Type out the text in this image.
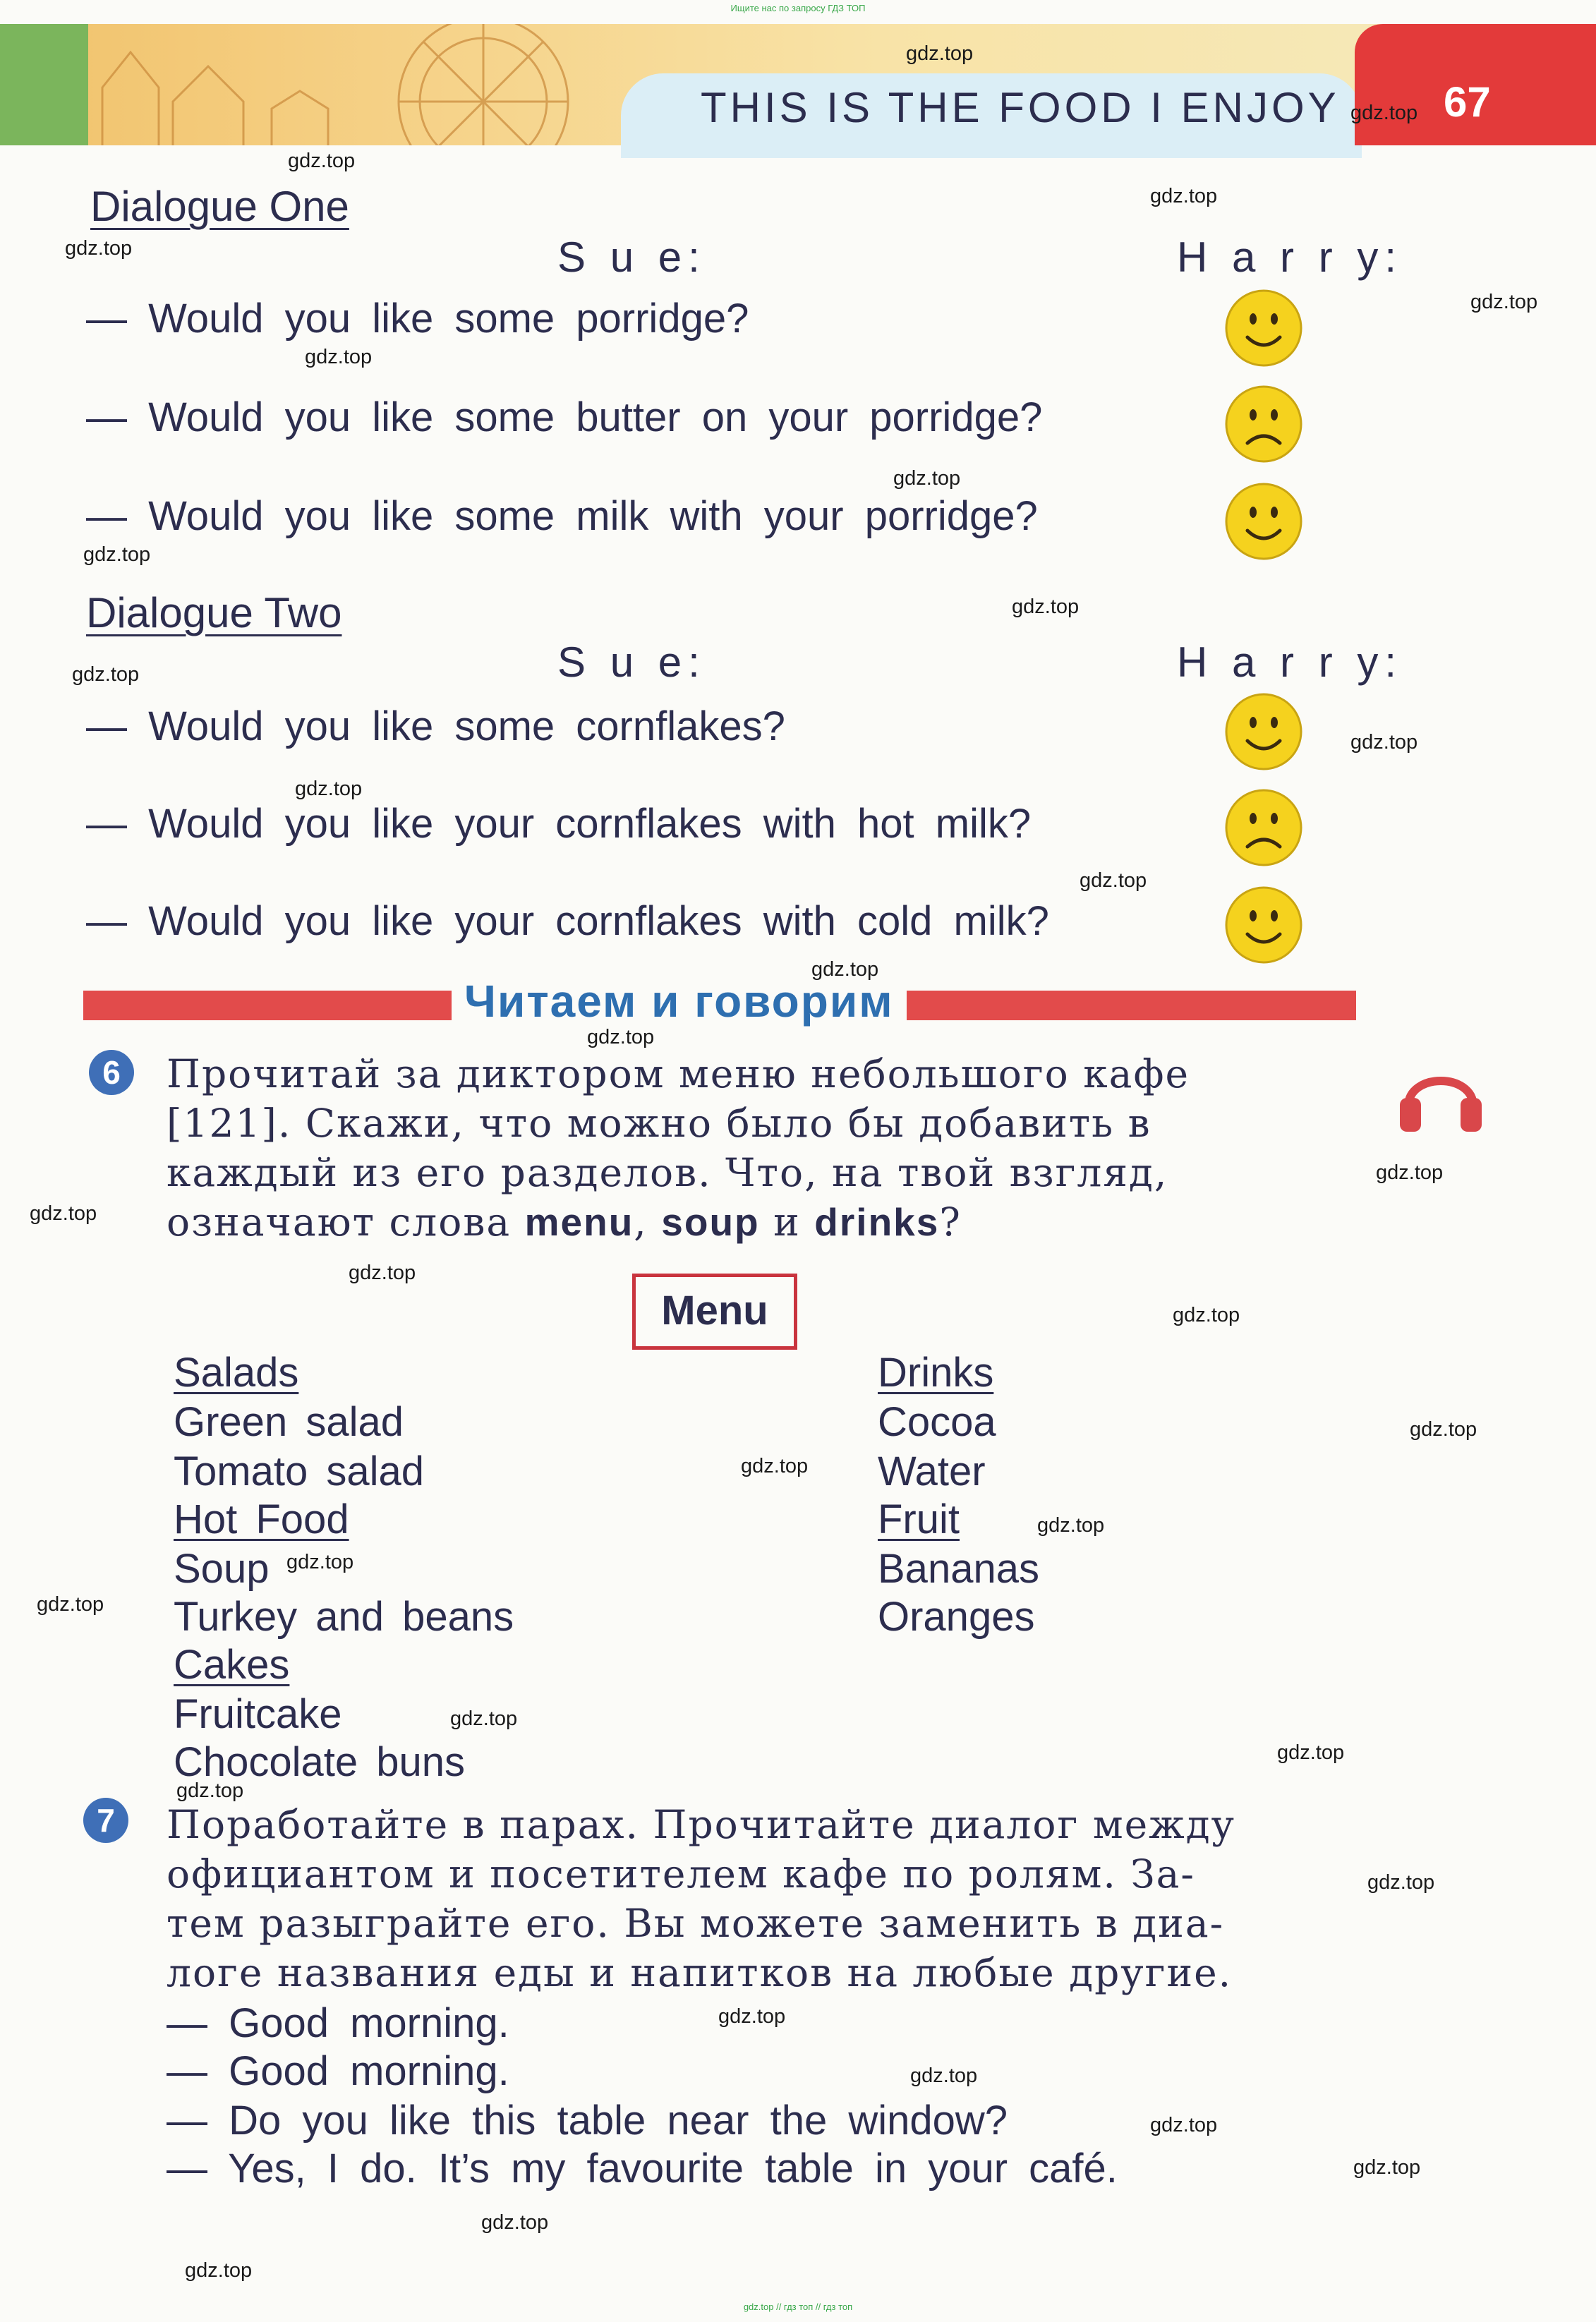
Ищите нас по запросу ГДЗ ТОП
THIS IS THE FOOD I ENJOY 67
Dialogue One
S u e:	H a r r y:
— Would you like some porridge?
— Would you like some butter on your porridge?
— Would you like some milk with your porridge?
Dialogue Two
S u e:	H a r r y:
— Would you like some cornflakes?
— Would you like your cornflakes with hot milk?
— Would you like your cornflakes with cold milk?
Читаем и говорим
6	Прочитай за диктором меню небольшого кафе
[121]. Скажи, что можно было бы добавить в
каждый из его разделов. Что, на твой взгляд,
означают слова menu, soup и drinks?
Menu
Salads
Green salad
Tomato salad
Hot Food
Soup
Turkey and beans
Cakes
Fruitcake
Chocolate buns
Drinks
Cocoa
Water
Fruit
Bananas
Oranges
7	Поработайте в парах. Прочитайте диалог между
официантом и посетителем кафе по ролям. За-
тем разыграйте его. Вы можете заменить в диа-
логе названия еды и напитков на любые другие.
— Good morning.
— Good morning.
— Do you like this table near the window?
— Yes, I do. It’s my favourite table in your café.
gdz.top
gdz.top
gdz.top
gdz.top
gdz.top
gdz.top
gdz.top
gdz.top
gdz.top
gdz.top
gdz.top
gdz.top
gdz.top
gdz.top
gdz.top
gdz.top
gdz.top
gdz.top
gdz.top
gdz.top
gdz.top
gdz.top
gdz.top
gdz.top
gdz.top
gdz.top
gdz.top
gdz.top
gdz.top
gdz.top
gdz.top
gdz.top
gdz.top
gdz.top
gdz.top
gdz.top // гдз топ // гдз топ
